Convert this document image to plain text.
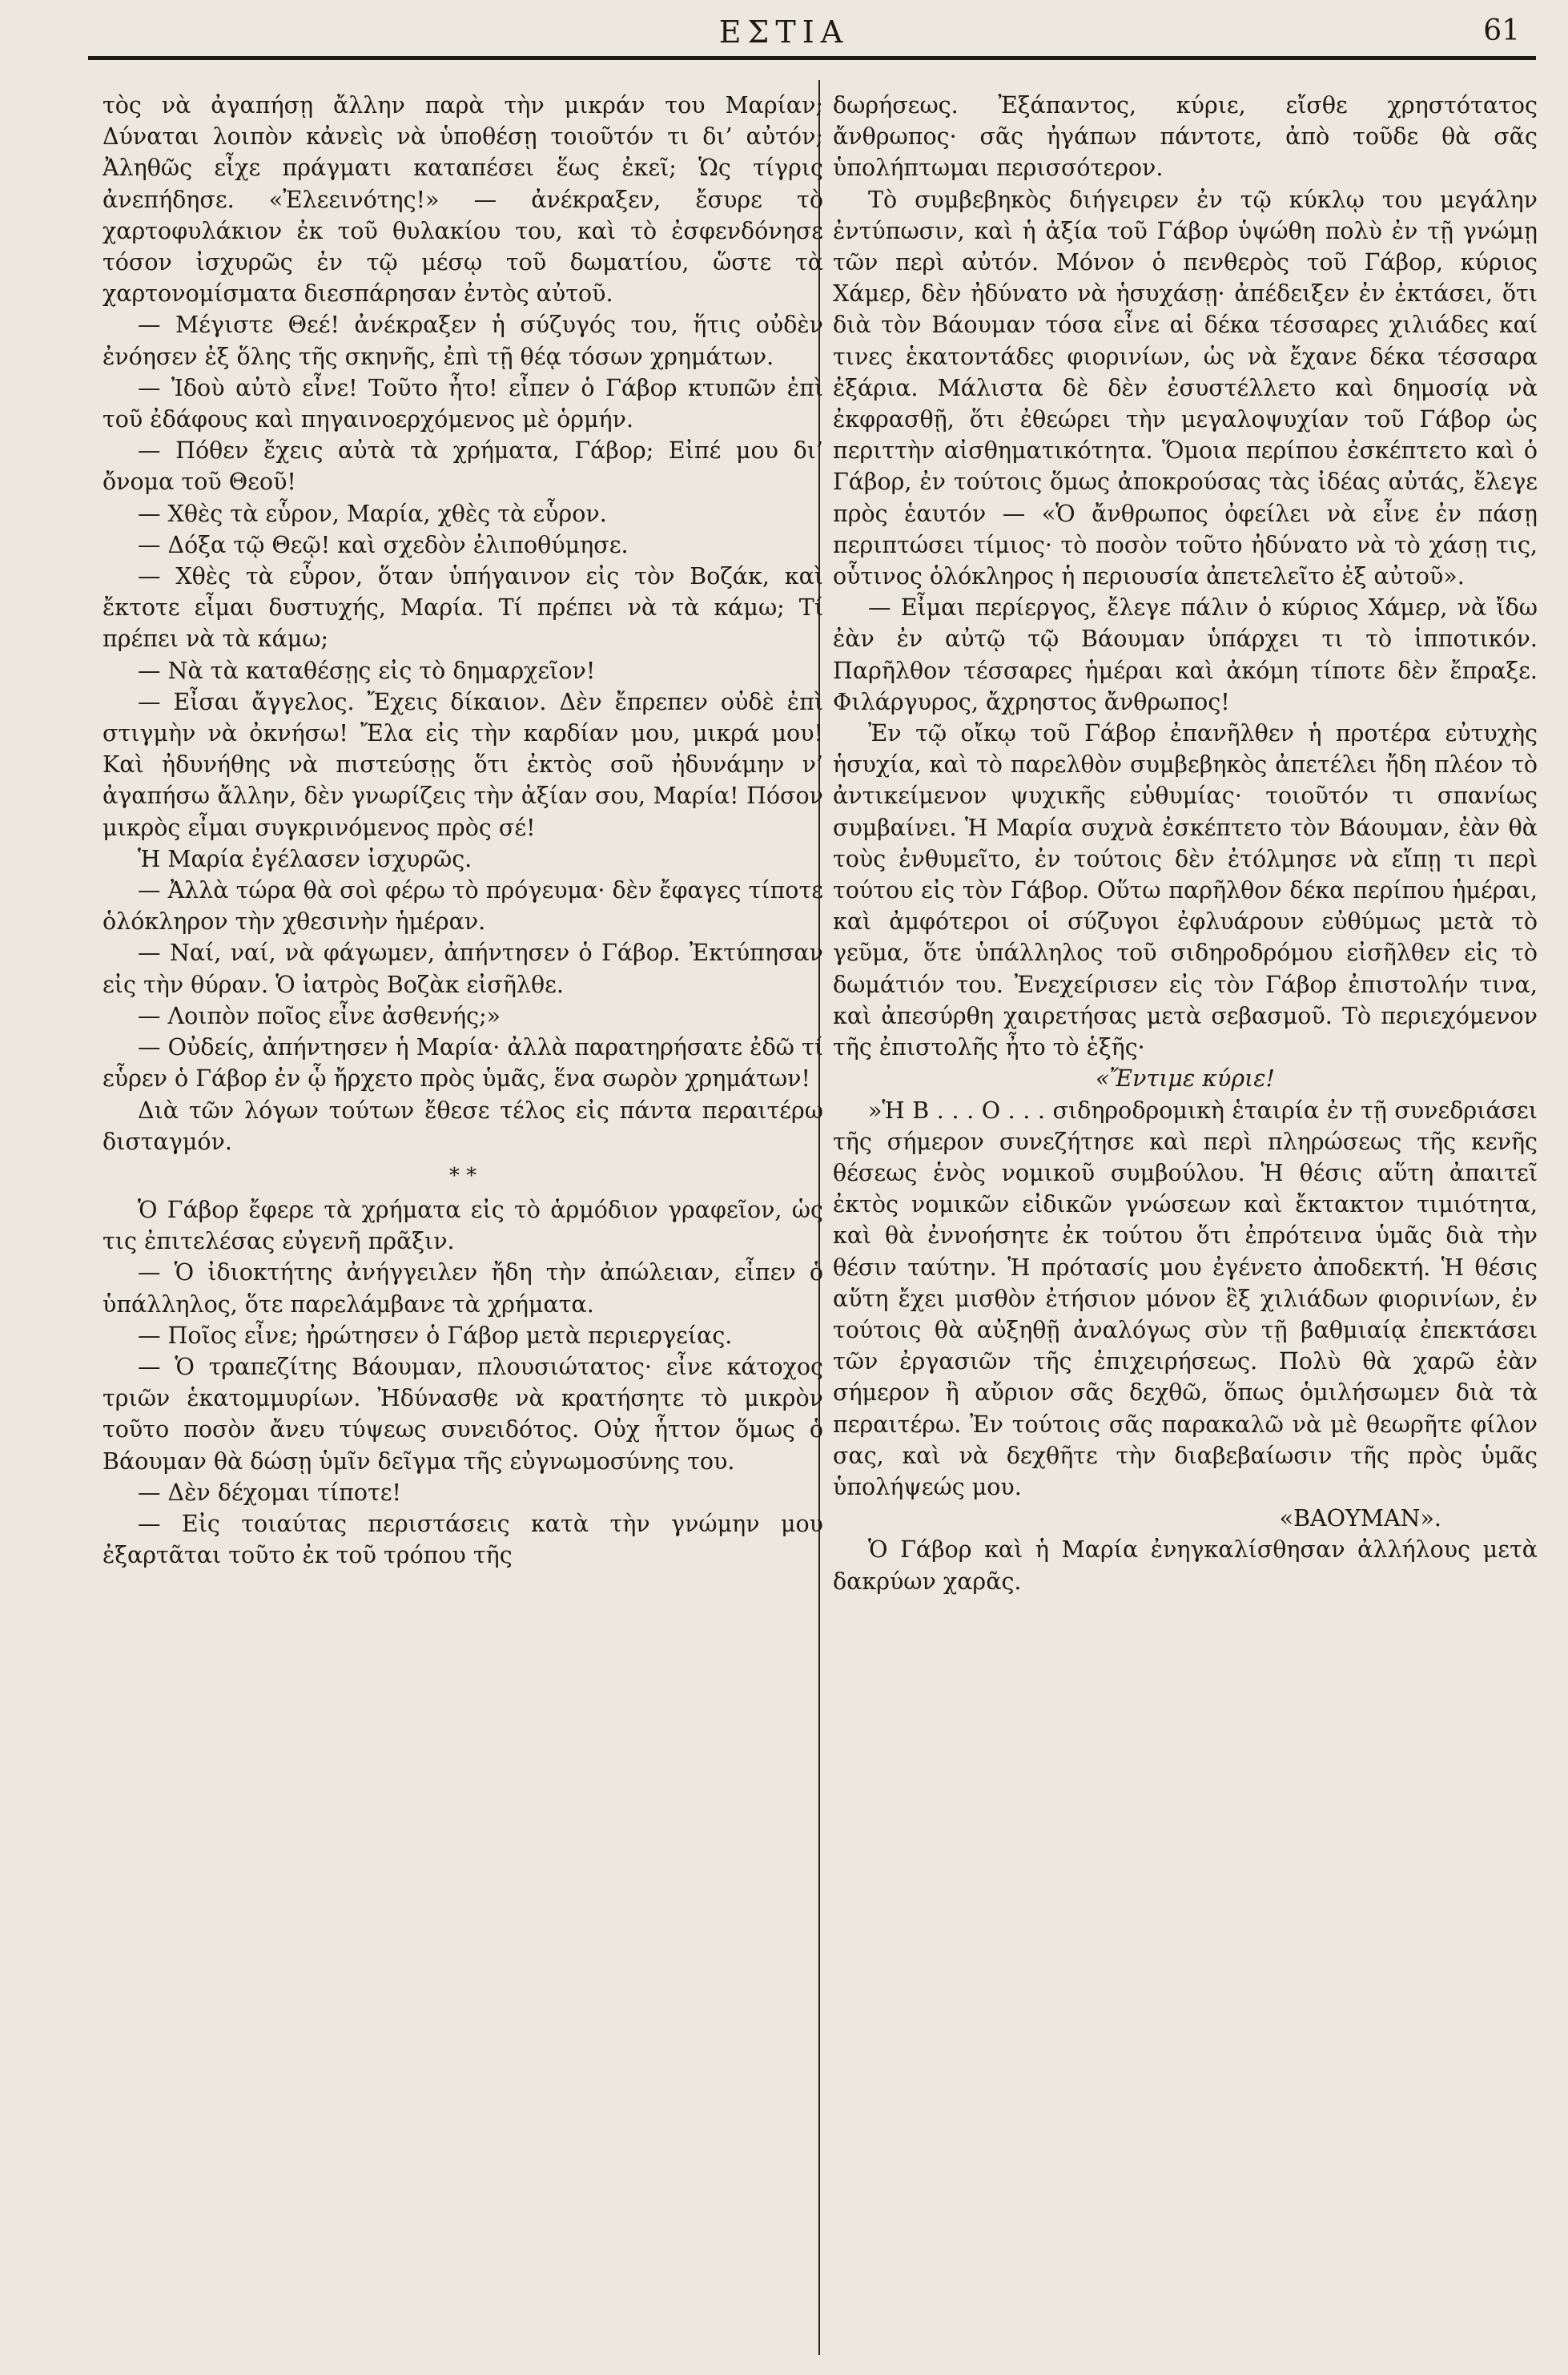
ΕΣΤΙΑ	61

τὸς νὰ ἀγαπήσῃ ἄλλην παρὰ τὴν μικράν του Μαρίαν; Δύναται λοιπὸν κἀνεὶς νὰ ὑποθέσῃ τοιοῦτόν τι δι’ αὐτόν; Ἀληθῶς εἶχε πράγματι καταπέσει ἕως ἐκεῖ; Ὡς τίγρις ἀνεπήδησε. «Ἐλεεινότης!» — ἀνέκραξεν, ἔσυρε τὸ χαρτοφυλάκιον ἐκ τοῦ θυλακίου του, καὶ τὸ ἐσφενδόνησε τόσον ἰσχυρῶς ἐν τῷ μέσῳ τοῦ δωματίου, ὥστε τὰ χαρτονομίσματα διεσπάρησαν ἐντὸς αὐτοῦ.

— Μέγιστε Θεέ! ἀνέκραξεν ἡ σύζυγός του, ἥτις οὐδὲν ἐνόησεν ἐξ ὅλης τῆς σκηνῆς, ἐπὶ τῇ θέᾳ τόσων χρημάτων.

— Ἰδοὺ αὐτὸ εἶνε! Τοῦτο ἦτο! εἶπεν ὁ Γάβορ κτυπῶν ἐπὶ τοῦ ἐδάφους καὶ πηγαινοερχόμενος μὲ ὁρμήν.

— Πόθεν ἔχεις αὐτὰ τὰ χρήματα, Γάβορ; Εἰπέ μου δι’ ὄνομα τοῦ Θεοῦ!

— Χθὲς τὰ εὗρον, Μαρία, χθὲς τὰ εὗρον.

— Δόξα τῷ Θεῷ! καὶ σχεδὸν ἐλιποθύμησε.

— Χθὲς τὰ εὗρον, ὅταν ὑπήγαινον εἰς τὸν Βοζάκ, καὶ ἔκτοτε εἶμαι δυστυχής, Μαρία. Τί πρέπει νὰ τὰ κάμω; Τί πρέπει νὰ τὰ κάμω;

— Νὰ τὰ καταθέσῃς εἰς τὸ δημαρχεῖον!

— Εἶσαι ἄγγελος. Ἔχεις δίκαιον. Δὲν ἔπρεπεν οὐδὲ ἐπὶ στιγμὴν νὰ ὀκνήσω! Ἔλα εἰς τὴν καρδίαν μου, μικρά μου! Καὶ ἠδυνήθης νὰ πιστεύσῃς ὅτι ἐκτὸς σοῦ ἠδυνάμην ν’ ἀγαπήσω ἄλλην, δὲν γνωρίζεις τὴν ἀξίαν σου, Μαρία! Πόσον μικρὸς εἶμαι συγκρινόμενος πρὸς σέ!

Ἡ Μαρία ἐγέλασεν ἰσχυρῶς.

— Ἀλλὰ τώρα θὰ σοὶ φέρω τὸ πρόγευμα· δὲν ἔφαγες τίποτε ὁλόκληρον τὴν χθεσινὴν ἡμέραν.

— Ναί, ναί, νὰ φάγωμεν, ἀπήντησεν ὁ Γάβορ. Ἐκτύπησαν εἰς τὴν θύραν. Ὁ ἰατρὸς Βοζὰκ εἰσῆλθε.

— Λοιπὸν ποῖος εἶνε ἀσθενής;»

— Οὐδείς, ἀπήντησεν ἡ Μαρία· ἀλλὰ παρατηρήσατε ἐδῶ τί εὗρεν ὁ Γάβορ ἐν ᾧ ἤρχετο πρὸς ὑμᾶς, ἕνα σωρὸν χρημάτων!

Διὰ τῶν λόγων τούτων ἔθεσε τέλος εἰς πάντα περαιτέρω δισταγμόν.

* *

Ὁ Γάβορ ἔφερε τὰ χρήματα εἰς τὸ ἁρμόδιον γραφεῖον, ὡς τις ἐπιτελέσας εὐγενῆ πρᾶξιν.

— Ὁ ἰδιοκτήτης ἀνήγγειλεν ἤδη τὴν ἀπώλειαν, εἶπεν ὁ ὑπάλληλος, ὅτε παρελάμβανε τὰ χρήματα.

— Ποῖος εἶνε; ἠρώτησεν ὁ Γάβορ μετὰ περιεργείας.

— Ὁ τραπεζίτης Βάουμαν, πλουσιώτατος· εἶνε κάτοχος τριῶν ἑκατομμυρίων. Ἠδύνασθε νὰ κρατήσητε τὸ μικρὸν τοῦτο ποσὸν ἄνευ τύψεως συνειδότος. Οὐχ ἧττον ὅμως ὁ Βάουμαν θὰ δώσῃ ὑμῖν δεῖγμα τῆς εὐγνωμοσύνης του.

— Δὲν δέχομαι τίποτε!

— Εἰς τοιαύτας περιστάσεις κατὰ τὴν γνώμην μου ἐξαρτᾶται τοῦτο ἐκ τοῦ τρόπου τῆς

δωρήσεως. Ἐξάπαντος, κύριε, εἴσθε χρηστότατος ἄνθρωπος· σᾶς ἠγάπων πάντοτε, ἀπὸ τοῦδε θὰ σᾶς ὑπολήπτωμαι περισσότερον.

Τὸ συμβεβηκὸς διήγειρεν ἐν τῷ κύκλῳ του μεγάλην ἐντύπωσιν, καὶ ἡ ἀξία τοῦ Γάβορ ὑψώθη πολὺ ἐν τῇ γνώμῃ τῶν περὶ αὐτόν. Μόνον ὁ πενθερὸς τοῦ Γάβορ, κύριος Χάμερ, δὲν ἠδύνατο νὰ ἡσυχάσῃ· ἀπέδειξεν ἐν ἐκτάσει, ὅτι διὰ τὸν Βάουμαν τόσα εἶνε αἱ δέκα τέσσαρες χιλιάδες καί τινες ἑκατοντάδες φιορινίων, ὡς νὰ ἔχανε δέκα τέσσαρα ἐξάρια. Μάλιστα δὲ δὲν ἐσυστέλλετο καὶ δημοσίᾳ νὰ ἐκφρασθῇ, ὅτι ἐθεώρει τὴν μεγαλοψυχίαν τοῦ Γάβορ ὡς περιττὴν αἰσθηματικότητα. Ὅμοια περίπου ἐσκέπτετο καὶ ὁ Γάβορ, ἐν τούτοις ὅμως ἀποκρούσας τὰς ἰδέας αὐτάς, ἔλεγε πρὸς ἑαυτόν — «Ὁ ἄνθρωπος ὀφείλει νὰ εἶνε ἐν πάσῃ περιπτώσει τίμιος· τὸ ποσὸν τοῦτο ἠδύνατο νὰ τὸ χάσῃ τις, οὗτινος ὁλόκληρος ἡ περιουσία ἀπετελεῖτο ἐξ αὐτοῦ».

— Εἶμαι περίεργος, ἔλεγε πάλιν ὁ κύριος Χάμερ, νὰ ἴδω ἐὰν ἐν αὐτῷ τῷ Βάουμαν ὑπάρχει τι τὸ ἱπποτικόν. Παρῆλθον τέσσαρες ἡμέραι καὶ ἀκόμη τίποτε δὲν ἔπραξε. Φιλάργυρος, ἄχρηστος ἄνθρωπος!

Ἐν τῷ οἴκῳ τοῦ Γάβορ ἐπανῆλθεν ἡ προτέρα εὐτυχὴς ἡσυχία, καὶ τὸ παρελθὸν συμβεβηκὸς ἀπετέλει ἤδη πλέον τὸ ἀντικείμενον ψυχικῆς εὐθυμίας· τοιοῦτόν τι σπανίως συμβαίνει. Ἡ Μαρία συχνὰ ἐσκέπτετο τὸν Βάουμαν, ἐὰν θὰ τοὺς ἐνθυμεῖτο, ἐν τούτοις δὲν ἐτόλμησε νὰ εἴπῃ τι περὶ τούτου εἰς τὸν Γάβορ. Οὕτω παρῆλθον δέκα περίπου ἡμέραι, καὶ ἀμφότεροι οἱ σύζυγοι ἐφλυάρουν εὐθύμως μετὰ τὸ γεῦμα, ὅτε ὑπάλληλος τοῦ σιδηροδρόμου εἰσῆλθεν εἰς τὸ δωμάτιόν του. Ἐνεχείρισεν εἰς τὸν Γάβορ ἐπιστολήν τινα, καὶ ἀπεσύρθη χαιρετήσας μετὰ σεβασμοῦ. Τὸ περιεχόμενον τῆς ἐπιστολῆς ἦτο τὸ ἑξῆς·

«Ἔντιμε κύριε!

»Ἡ Β . . . Ο . . . σιδηροδρομικὴ ἑταιρία ἐν τῇ συνεδριάσει τῆς σήμερον συνεζήτησε καὶ περὶ πληρώσεως τῆς κενῆς θέσεως ἑνὸς νομικοῦ συμβούλου. Ἡ θέσις αὕτη ἀπαιτεῖ ἐκτὸς νομικῶν εἰδικῶν γνώσεων καὶ ἔκτακτον τιμιότητα, καὶ θὰ ἐννοήσητε ἐκ τούτου ὅτι ἐπρότεινα ὑμᾶς διὰ τὴν θέσιν ταύτην. Ἡ πρότασίς μου ἐγένετο ἀποδεκτή. Ἡ θέσις αὕτη ἔχει μισθὸν ἐτήσιον μόνον ἓξ χιλιάδων φιορινίων, ἐν τούτοις θὰ αὐξηθῇ ἀναλόγως σὺν τῇ βαθμιαίᾳ ἐπεκτάσει τῶν ἐργασιῶν τῆς ἐπιχειρήσεως. Πολὺ θὰ χαρῶ ἐὰν σήμερον ἢ αὔριον σᾶς δεχθῶ, ὅπως ὁμιλήσωμεν διὰ τὰ περαιτέρω. Ἐν τούτοις σᾶς παρακαλῶ νὰ μὲ θεωρῆτε φίλον σας, καὶ νὰ δεχθῆτε τὴν διαβεβαίωσιν τῆς πρὸς ὑμᾶς ὑπολήψεώς μου.

«ΒΑΟΥΜΑΝ».

Ὁ Γάβορ καὶ ἡ Μαρία ἐνηγκαλίσθησαν ἀλλήλους μετὰ δακρύων χαρᾶς.
